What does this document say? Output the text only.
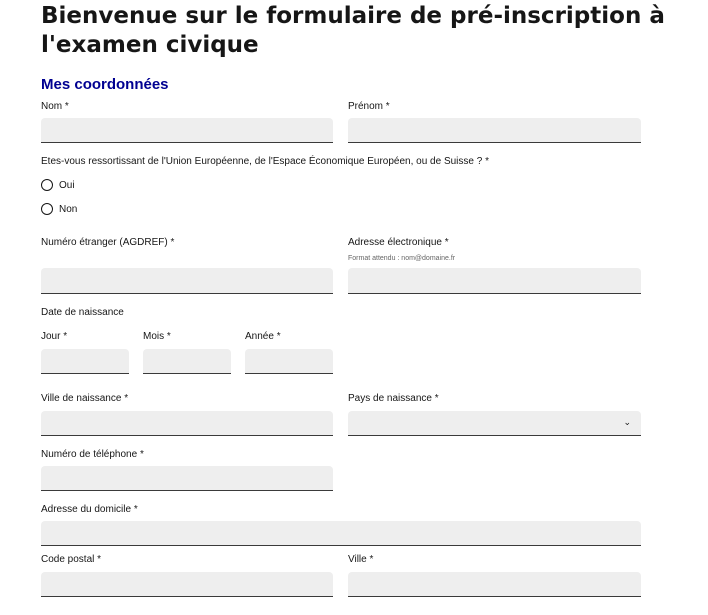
Bienvenue sur le formulaire de pré-inscription à l'examen civique
Mes coordonnées
Nom *	Prénom *
Etes-vous ressortissant de l'Union Européenne, de l'Espace Économique Européen, ou de Suisse ? *
Oui
Non
Numéro étranger (AGDREF) *	Adresse électronique *
Format attendu : nom@domaine.fr
Date de naissance
Jour *	Mois *	Année *
Ville de naissance *	Pays de naissance *
⌄
Numéro de téléphone *
Adresse du domicile *
Code postal *	Ville *
